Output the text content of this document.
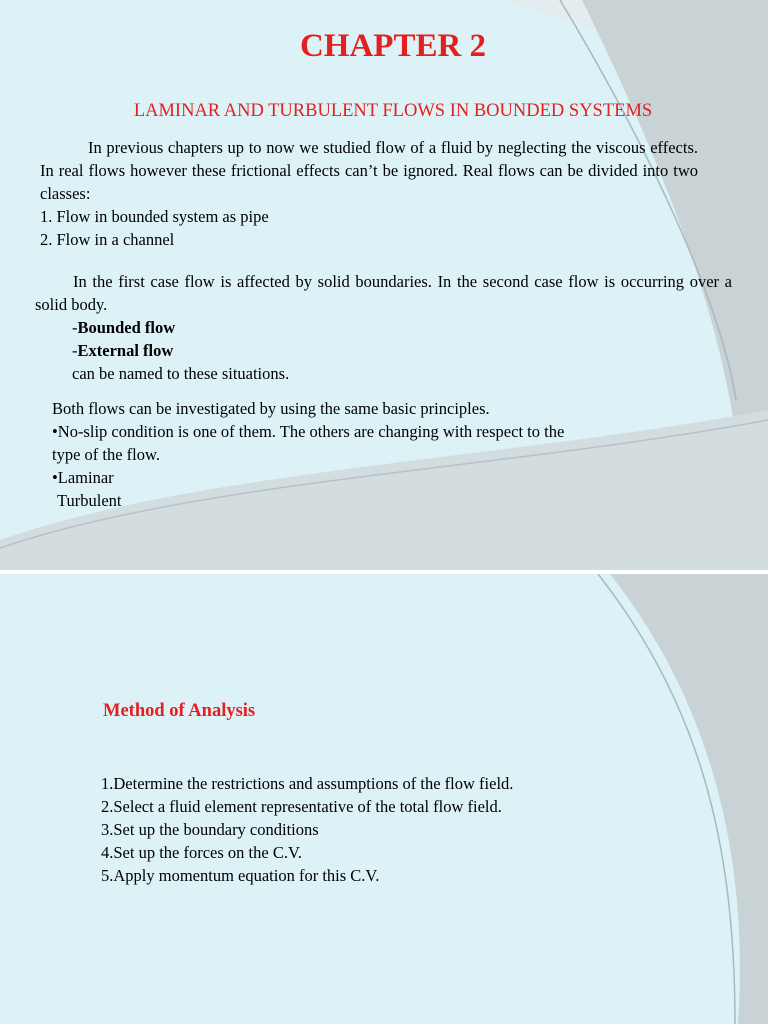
CHAPTER 2
LAMINAR AND TURBULENT FLOWS IN BOUNDED SYSTEMS
In previous chapters up to now we studied flow of a fluid by neglecting the viscous effects. In real flows however these frictional effects can’t be ignored. Real flows can be divided into two classes:
1. Flow in bounded system as pipe
2. Flow in a channel
In the first case flow is affected by solid boundaries. In the second case flow is occurring over a solid body.
-Bounded flow
-External flow
can be named to these situations.
Both flows can be investigated by using the same basic principles.
•No-slip condition is one of them. The others are changing with respect to the
type of the flow.
•Laminar
Turbulent
Method of Analysis
1.Determine the restrictions and assumptions of the flow field.
2.Select a fluid element representative of the total flow field.
3.Set up the boundary conditions
4.Set up the forces on the C.V.
5.Apply momentum equation for this C.V.
